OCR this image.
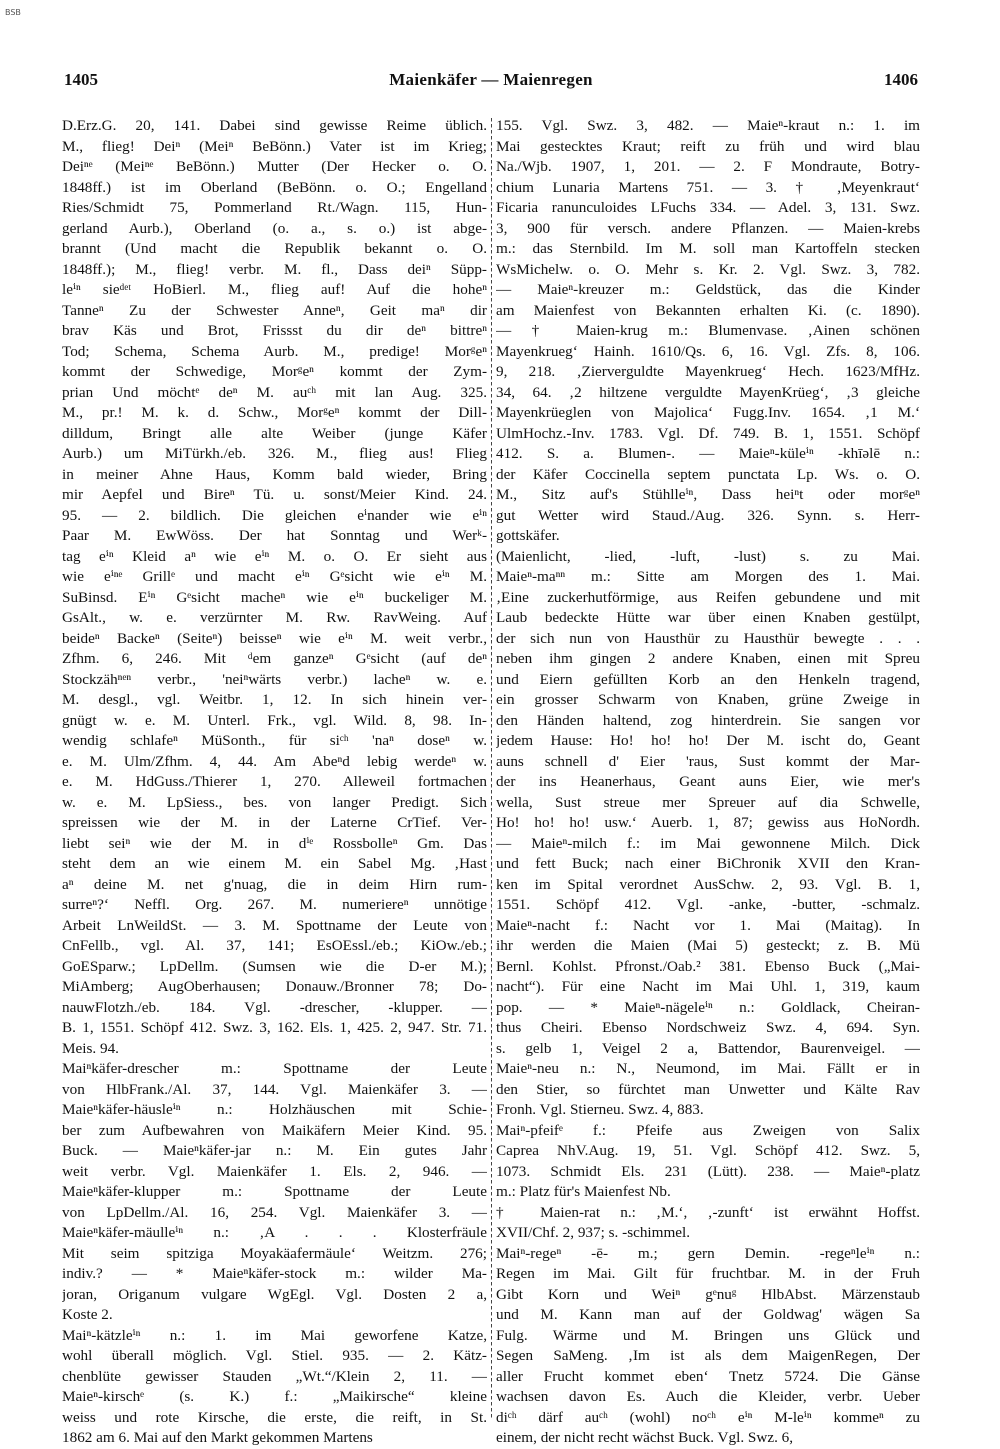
BSB
1405	Maienkäfer — Maienregen	1406
D.Erz.G. 20, 141. Dabei sind gewisse Reime üblich.
M., flieg! Deiⁿ (Meiⁿ BeBönn.) Vater ist im Krieg;
Deiⁿᵉ (Meiⁿᵉ BeBönn.) Mutter (Der Hecker o. O.
1848ff.) ist im Oberland (BeBönn. o. O.; Engelland
Ries/Schmidt 75, Pommerland Rt./Wagn. 115, Hun-
gerland Aurb.), Oberland (o. a., s. o.) ist abge-
brannt (Und macht die Republik bekannt o. O.
1848ff.); M., flieg! verbr. M. fl., Dass deiⁿ Süpp-
leⁱⁿ sieᵈᵉᵗ HoBierl. M., flieg auf! Auf die hoheⁿ
Tanneⁿ Zu der Schwester Anneⁿ, Geit maⁿ dir
brav Käs und Brot, Frissst du dir deⁿ bittreⁿ
Tod; Schema, Schema Aurb. M., predige! Morᵍeⁿ
kommt der Schwedige, Morᵍeⁿ kommt der Zym-
prian Und möchtᵉ deⁿ M. auᶜʰ mit lan Aug. 325.
M., pr.! M. k. d. Schw., Morᵍeⁿ kommt der Dill-
dilldum, Bringt alle alte Weiber (junge Käfer
Aurb.) um MiTürkh./eb. 326. M., flieg aus! Flieg
in meiner Ahne Haus, Komm bald wieder, Bring
mir Aepfel und Bireⁿ Tü. u. sonst/Meier Kind. 24.
95. — 2. bildlich. Die gleichen eⁱnander wie eⁱⁿ
Paar M. EwWöss. Der hat Sonntag und Werᵏ-
tag eⁱⁿ Kleid aⁿ wie eⁱⁿ M. o. O. Er sieht aus
wie eⁱⁿᵉ Grillᵉ und macht eⁱⁿ Gᵉsicht wie eⁱⁿ M.
SuBinsd. Eⁱⁿ Gᵉsicht macheⁿ wie eⁱⁿ buckeliger M.
GsAlt., w. e. verzürnter M. Rw. RavWeing. Auf
beideⁿ Backeⁿ (Seiteⁿ) beisseⁿ wie eⁱⁿ M. weit verbr.,
Zfhm. 6, 246. Mit ᵈem ganzeⁿ Gᵉsicht (auf deⁿ
Stockzähⁿᵉⁿ verbr., 'neiⁿwärts verbr.) lacheⁿ w. e.
M. desgl., vgl. Weitbr. 1, 12. In sich hinein ver-
gnügt w. e. M. Unterl. Frk., vgl. Wild. 8, 98. In-
wendig schlafeⁿ MüSonth., für siᶜʰ 'naⁿ doseⁿ w.
e. M. Ulm/Zfhm. 4, 44. Am Abeⁿd lebig werdeⁿ w.
e. M. HdGuss./Thierer 1, 270. Alleweil fortmachen
w. e. M. LpSiess., bes. von langer Predigt. Sich
spreissen wie der M. in der Laterne CrTief. Ver-
liebt seiⁿ wie der M. in dⁱᵉ Rossbolleⁿ Gm. Das
steht dem an wie einem M. ein Sabel Mg. ‚Hast
aⁿ deine M. net g'nuag, die in deim Hirn rum-
surreⁿ?‘ Neffl. Org. 267. M. numeriereⁿ unnötige
Arbeit LnWeildSt. — 3. M. Spottname der Leute von
CnFellb., vgl. Al. 37, 141; EsOEssl./eb.; KiOw./eb.;
GoESparw.; LpDellm. (Sumsen wie die D-er M.);
MiAmberg; AugOberhausen; Donauw./Bronner 78; Do-
nauwFlotzh./eb. 184. Vgl. -drescher, -klupper. —
B. 1, 1551. Schöpf 412. Swz. 3, 162. Els. 1, 425. 2, 947. Str. 71.
Meis. 94.
Maiⁿkäfer-drescher m.: Spottname der Leute
von HlbFrank./Al. 37, 144. Vgl. Maienkäfer 3. —
Maieⁿkäfer-häusleⁱⁿ n.: Holzhäuschen mit Schie-
ber zum Aufbewahren von Maikäfern Meier Kind. 95.
Buck. — Maieⁿkäfer-jar n.: M. Ein gutes Jahr
weit verbr. Vgl. Maienkäfer 1. Els. 2, 946. —
Maieⁿkäfer-klupper m.: Spottname der Leute
von LpDellm./Al. 16, 254. Vgl. Maienkäfer 3. —
Maieⁿkäfer-mäulleⁱⁿ n.: ‚A . . . Klosterfräule
Mit seim spitziga Moyakäafermäule‘ Weitzm. 276;
indiv.? — * Maieⁿkäfer-stock m.: wilder Ma-
joran, Origanum vulgare WgEgl. Vgl. Dosten 2 a,
Koste 2.
Maiⁿ-kätzleⁱⁿ n.: 1. im Mai geworfene Katze,
wohl überall möglich. Vgl. Stiel. 935. — 2. Kätz-
chenblüte gewisser Stauden „Wt.“/Klein 2, 11. —
Maieⁿ-kirschᵉ (s. K.) f.: „Maikirsche“ kleine
weiss und rote Kirsche, die erste, die reift, in St.
1862 am 6. Mai auf den Markt gekommen Martens
155. Vgl. Swz. 3, 482. — Maieⁿ-kraut n.: 1. im
Mai gestecktes Kraut; reift zu früh und wird blau
Na./Wjb. 1907, 1, 201. — 2. F Mondraute, Botry-
chium Lunaria Martens 751. — 3. † ‚Meyenkraut‘
Ficaria ranunculoides LFuchs 334. — Adel. 3, 131. Swz.
3, 900 für versch. andere Pflanzen. — Maien-krebs
m.: das Sternbild. Im M. soll man Kartoffeln stecken
WsMichelw. o. O. Mehr s. Kr. 2. Vgl. Swz. 3, 782.
— Maieⁿ-kreuzer m.: Geldstück, das die Kinder
am Maienfest von Bekannten erhalten Ki. (c. 1890).
— † Maien-krug m.: Blumenvase. ‚Ainen schönen
Mayenkrueg‘ Hainh. 1610/Qs. 6, 16. Vgl. Zfs. 8, 106.
9, 218. ‚Zierverguldte Mayenkrueg‘ Hech. 1623/MfHz.
34, 64. ‚2 hiltzene verguldte MayenKrüeg‘, ‚3 gleiche
Mayenkrüeglen von Majolica‘ Fugg.Inv. 1654. ‚1 M.‘
UlmHochz.-Inv. 1783. Vgl. Df. 749. B. 1, 1551. Schöpf
412. S. a. Blumen-. — Maieⁿ-küleⁱⁿ -khīəlē n.:
der Käfer Coccinella septem punctata Lp. Ws. o. O.
M., Sitz auf's Stühlleⁱⁿ, Dass heiⁿt oder morᵍeⁿ
gut Wetter wird Staud./Aug. 326. Synn. s. Herr-
gottskäfer.
(Maienlicht, -lied, -luft, -lust) s. zu Mai.
Maieⁿ-maⁿⁿ m.: Sitte am Morgen des 1. Mai.
‚Eine zuckerhutförmige, aus Reifen gebundene und mit
Laub bedeckte Hütte war über einen Knaben gestülpt,
der sich nun von Hausthür zu Hausthür bewegte . . .
neben ihm gingen 2 andere Knaben, einen mit Spreu
und Eiern gefüllten Korb an den Henkeln tragend,
ein grosser Schwarm von Knaben, grüne Zweige in
den Händen haltend, zog hinterdrein. Sie sangen vor
jedem Hause: Ho! ho! ho! Der M. ischt do, Geant
auns schnell d' Eier 'raus, Sust kommt der Mar-
der ins Heanerhaus, Geant auns Eier, wie mer's
wella, Sust streue mer Spreuer auf dia Schwelle,
Ho! ho! ho! usw.‘ Auerb. 1, 87; gewiss aus HoNordh.
— Maieⁿ-milch f.: im Mai gewonnene Milch. Dick
und fett Buck; nach einer BiChronik XVII den Kran-
ken im Spital verordnet AusSchw. 2, 93. Vgl. B. 1,
1551. Schöpf 412. Vgl. -anke, -butter, -schmalz.
Maieⁿ-nacht f.: Nacht vor 1. Mai (Maitag). In
ihr werden die Maien (Mai 5) gesteckt; z. B. Mü
Bernl. Kohlst. Pfronst./Oab.² 381. Ebenso Buck („Mai-
nacht“). Für eine Nacht im Mai Uhl. 1, 319, kaum
pop. — * Maieⁿ-nägeleⁱⁿ n.: Goldlack, Cheiran-
thus Cheiri. Ebenso Nordschweiz Swz. 4, 694. Syn.
s. gelb 1, Veigel 2 a, Battendor, Baurenveigel. —
Maieⁿ-neu n.: N., Neumond, im Mai. Fällt er in
den Stier, so fürchtet man Unwetter und Kälte Rav
Fronh. Vgl. Stierneu. Swz. 4, 883.
Maiⁿ-pfeifᵉ f.: Pfeife aus Zweigen von Salix
Caprea NhV.Aug. 19, 51. Vgl. Schöpf 412. Swz. 5,
1073. Schmidt Els. 231 (Lütt). 238. — Maieⁿ-platz
m.: Platz für's Maienfest Nb.
† Maien-rat n.: ‚M.‘, ‚-zunft‘ ist erwähnt Hoffst.
XVII/Chf. 2, 937; s. -schimmel.
Maiⁿ-regeⁿ -ē- m.; gern Demin. -regeⁿleⁱⁿ n.:
Regen im Mai. Gilt für fruchtbar. M. in der Fruh
Gibt Korn und Weiⁿ gᵉnuᵍ HlbAbst. Märzenstaub
und M. Kann man auf der Goldwag' wägen Sa
Fulg. Wärme und M. Bringen uns Glück und
Segen SaMeng. ‚Im ist als dem MaigenRegen, Der
aller Frucht kommet eben‘ Tnetz 5724. Die Gänse
wachsen davon Es. Auch die Kleider, verbr. Ueber
diᶜʰ därf auᶜʰ (wohl) noᶜʰ eⁱⁿ M-leⁱⁿ kommeⁿ zu
einem, der nicht recht wächst Buck. Vgl. Swz. 6,
